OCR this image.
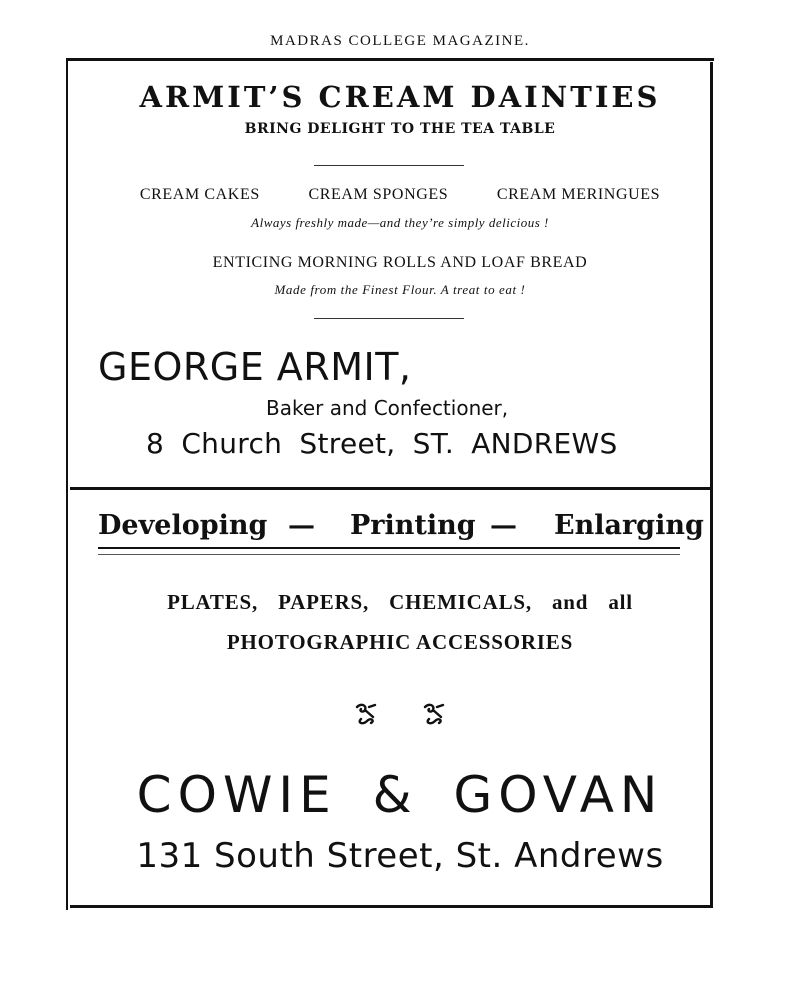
MADRAS COLLEGE MAGAZINE.
ARMIT’S CREAM DAINTIES
BRING DELIGHT TO THE TEA TABLE
CREAM CAKES	CREAM SPONGES	CREAM MERINGUES
Always freshly made—and they’re simply delicious !
ENTICING MORNING ROLLS AND LOAF BREAD
Made from the Finest Flour. A treat to eat !
GEORGE ARMIT,
Baker and Confectioner,
8 Church Street, ST. ANDREWS
Developing — Printing — Enlarging
PLATES, PAPERS, CHEMICALS, and all
PHOTOGRAPHIC ACCESSORIES

COWIE & GOVAN
131 South Street, St. Andrews
